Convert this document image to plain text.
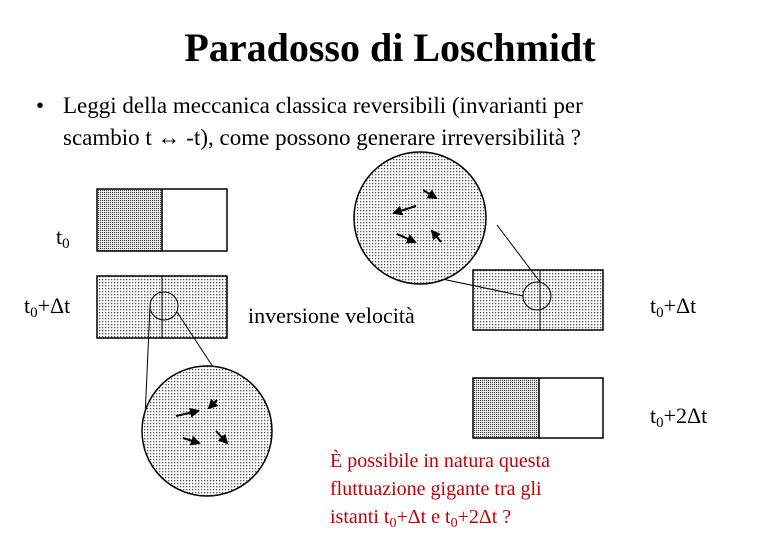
Paradosso di Loschmidt
• Leggi della meccanica classica reversibili (invarianti per
scambio t ↔ -t), come possono generare irreversibilità ?
$t_0$
$t_0+\Delta t$	inversione velocità	$t_0+\Delta t$
$t_0+2\Delta t$
È possibile in natura questa
fluttuazione gigante tra gli
istanti $t_0+\Delta t$ e $t_0+2\Delta t$ ?
